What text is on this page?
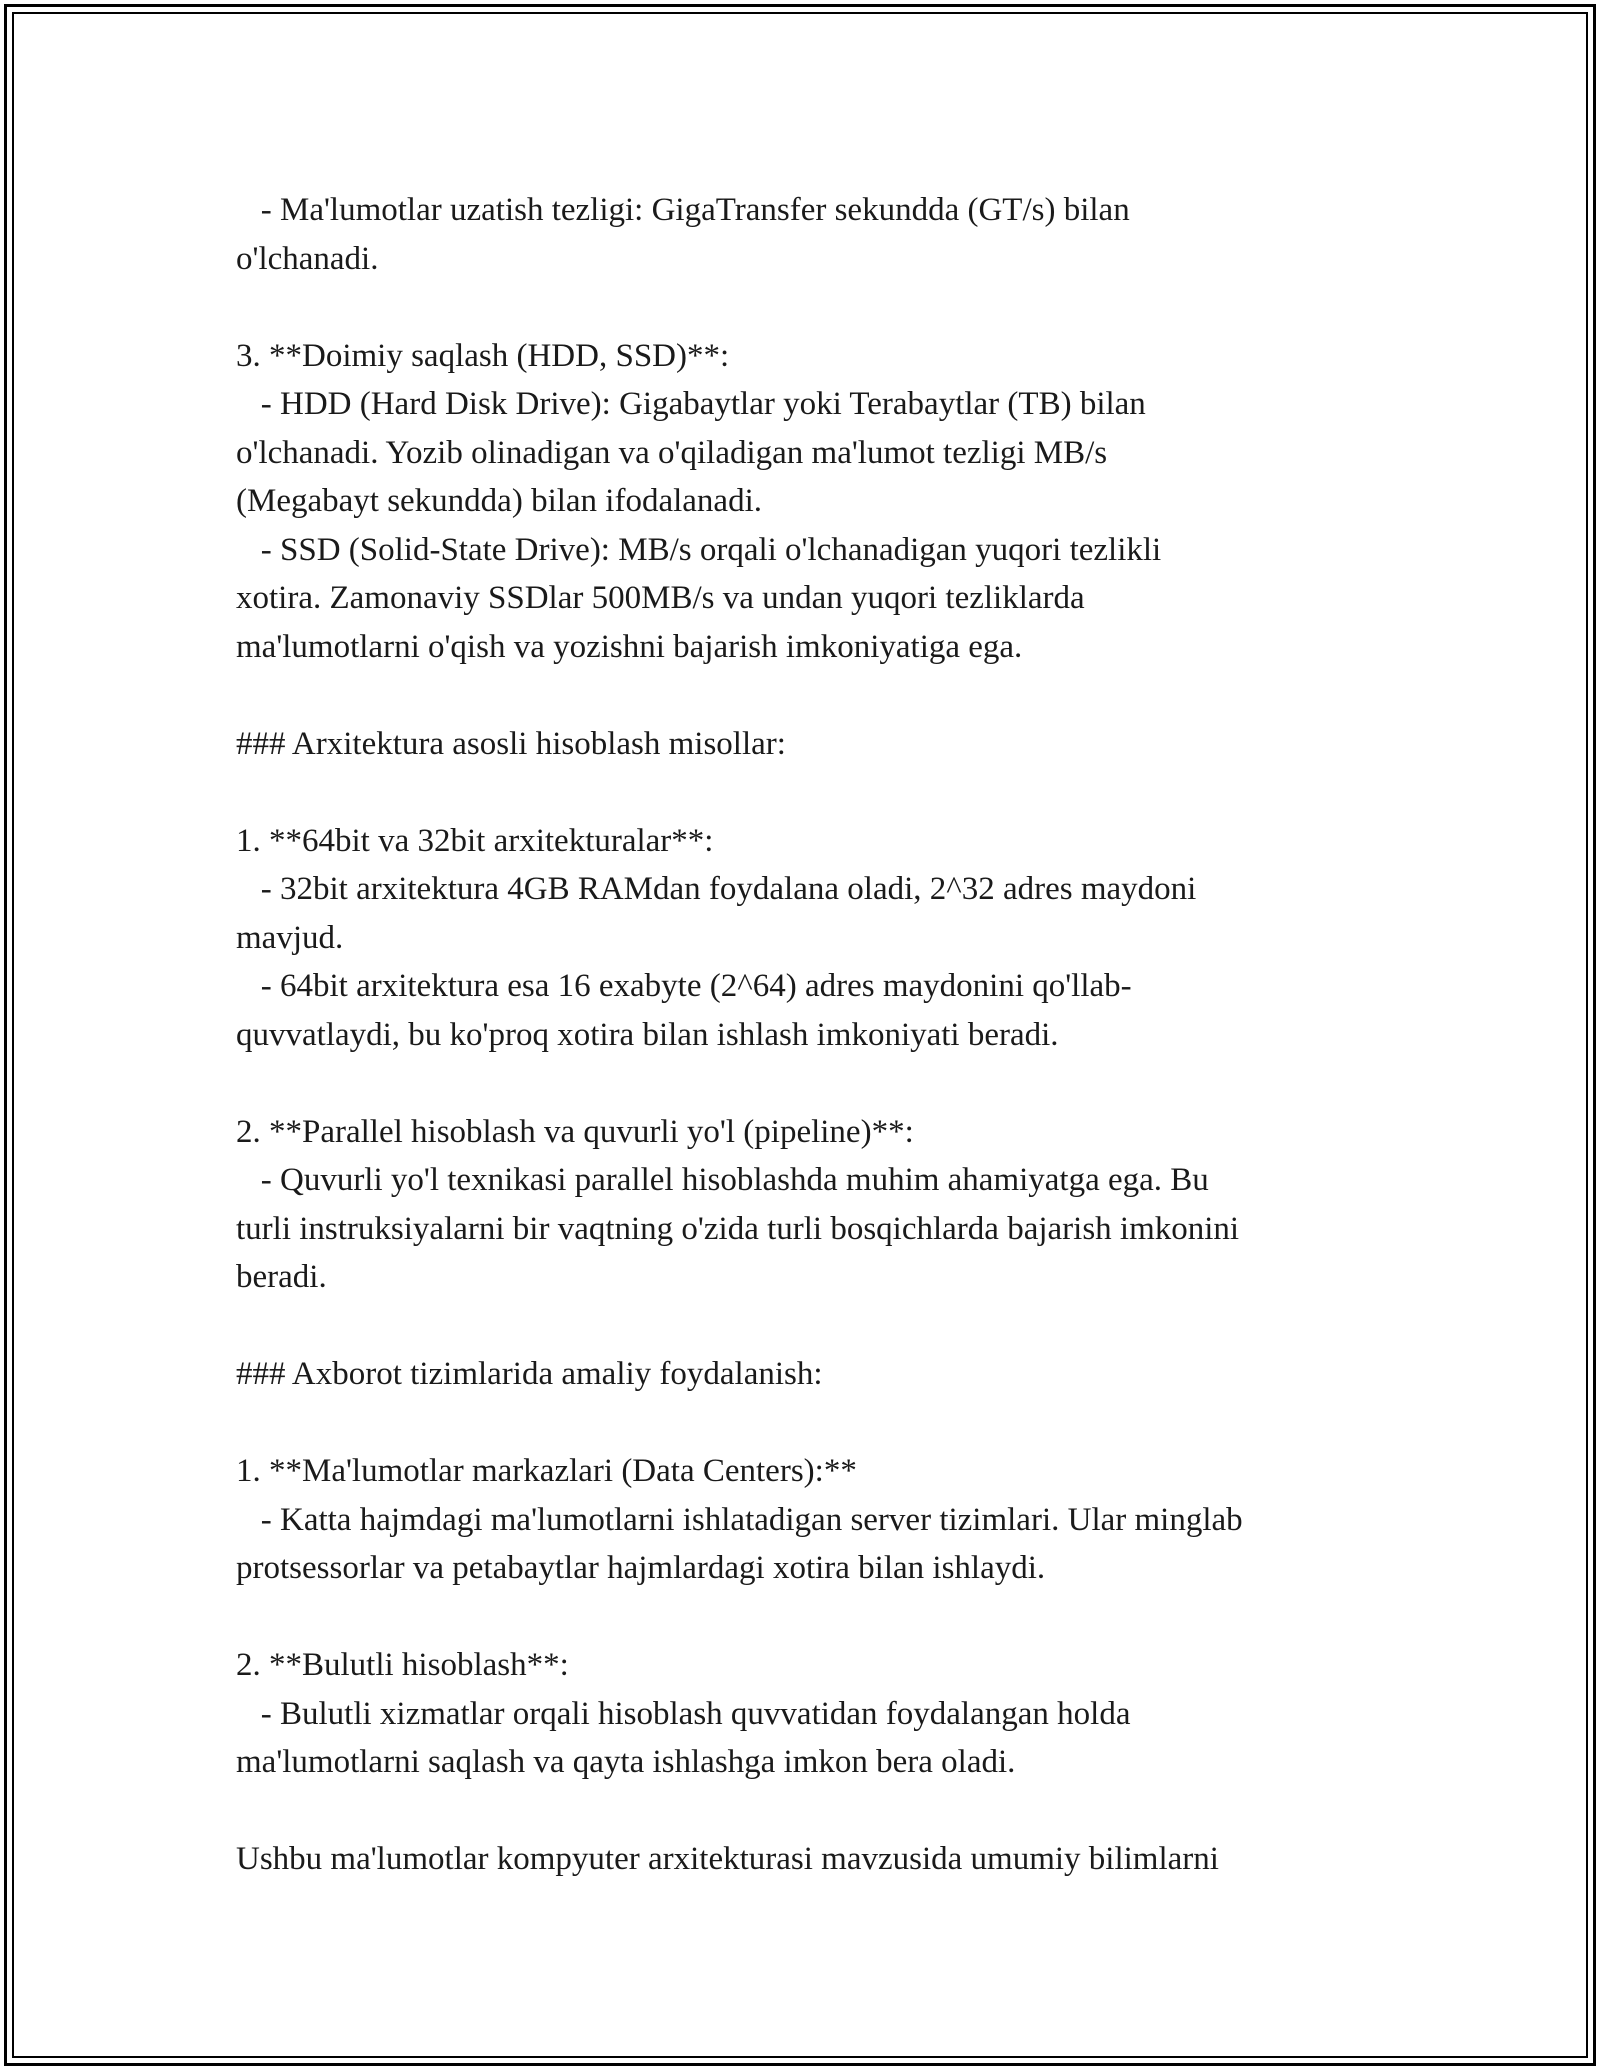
- Ma'lumotlar uzatish tezligi: GigaTransfer sekundda (GT/s) bilan
o'lchanadi.
3. **Doimiy saqlash (HDD, SSD)**:
- HDD (Hard Disk Drive): Gigabaytlar yoki Terabaytlar (TB) bilan
o'lchanadi. Yozib olinadigan va o'qiladigan ma'lumot tezligi MB/s
(Megabayt sekundda) bilan ifodalanadi.
- SSD (Solid-State Drive): MB/s orqali o'lchanadigan yuqori tezlikli
xotira. Zamonaviy SSDlar 500MB/s va undan yuqori tezliklarda
ma'lumotlarni o'qish va yozishni bajarish imkoniyatiga ega.
### Arxitektura asosli hisoblash misollar:
1. **64bit va 32bit arxitekturalar**:
- 32bit arxitektura 4GB RAMdan foydalana oladi, 2^32 adres maydoni
mavjud.
- 64bit arxitektura esa 16 exabyte (2^64) adres maydonini qo'llab-
quvvatlaydi, bu ko'proq xotira bilan ishlash imkoniyati beradi.
2. **Parallel hisoblash va quvurli yo'l (pipeline)**:
- Quvurli yo'l texnikasi parallel hisoblashda muhim ahamiyatga ega. Bu
turli instruksiyalarni bir vaqtning o'zida turli bosqichlarda bajarish imkonini
beradi.
### Axborot tizimlarida amaliy foydalanish:
1. **Ma'lumotlar markazlari (Data Centers):**
- Katta hajmdagi ma'lumotlarni ishlatadigan server tizimlari. Ular minglab
protsessorlar va petabaytlar hajmlardagi xotira bilan ishlaydi.
2. **Bulutli hisoblash**:
- Bulutli xizmatlar orqali hisoblash quvvatidan foydalangan holda
ma'lumotlarni saqlash va qayta ishlashga imkon bera oladi.
Ushbu ma'lumotlar kompyuter arxitekturasi mavzusida umumiy bilimlarni
